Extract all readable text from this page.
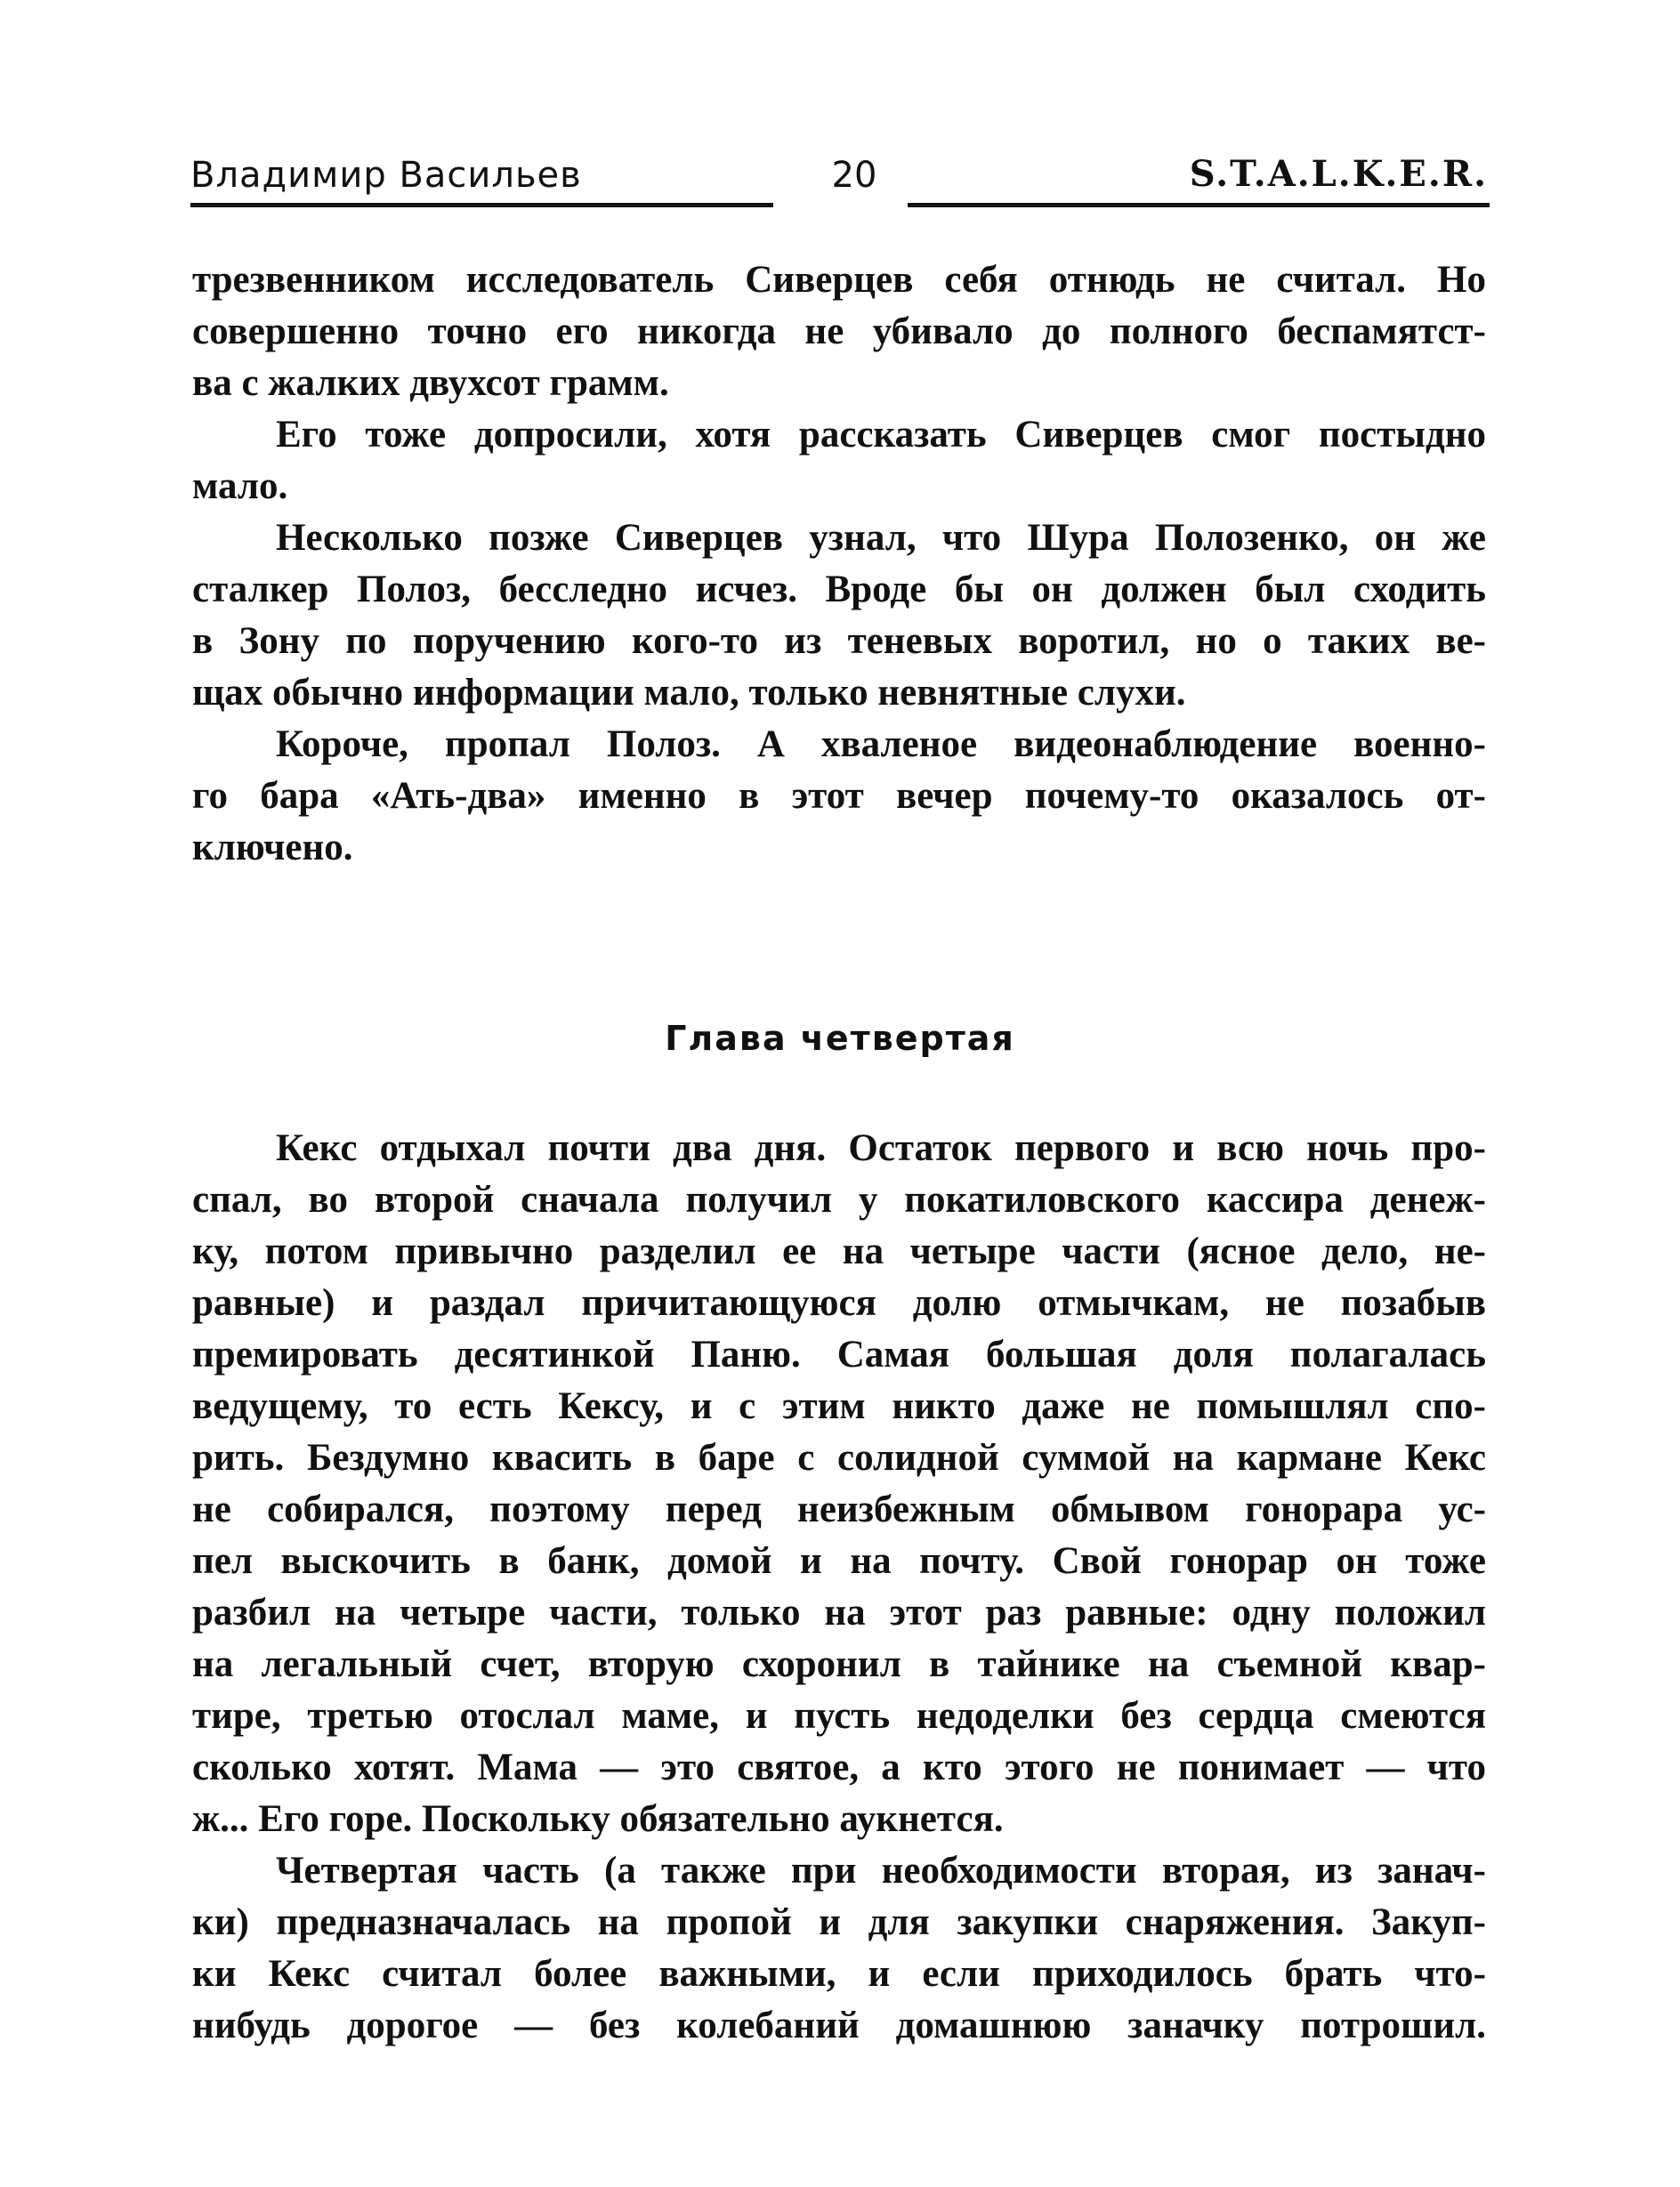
Владимир Васильев	20	S.T.A.L.K.E.R.
трезвенником исследователь Сиверцев себя отнюдь не считал. Но
совершенно точно его никогда не убивало до полного беспамятст-
ва с жалких двухсот грамм.
Его тоже допросили, хотя рассказать Сиверцев смог постыдно
мало.
Несколько позже Сиверцев узнал, что Шура Полозенко, он же
сталкер Полоз, бесследно исчез. Вроде бы он должен был сходить
в Зону по поручению кого-то из теневых воротил, но о таких ве-
щах обычно информации мало, только невнятные слухи.
Короче, пропал Полоз. А хваленое видеонаблюдение военно-
го бара «Ать-два» именно в этот вечер почему-то оказалось от-
ключено.
Глава четвертая
Кекс отдыхал почти два дня. Остаток первого и всю ночь про-
спал, во второй сначала получил у покатиловского кассира денеж-
ку, потом привычно разделил ее на четыре части (ясное дело, не-
равные) и раздал причитающуюся долю отмычкам, не позабыв
премировать десятинкой Паню. Самая большая доля полагалась
ведущему, то есть Кексу, и с этим никто даже не помышлял спо-
рить. Бездумно квасить в баре с солидной суммой на кармане Кекс
не собирался, поэтому перед неизбежным обмывом гонорара ус-
пел выскочить в банк, домой и на почту. Свой гонорар он тоже
разбил на четыре части, только на этот раз равные: одну положил
на легальный счет, вторую схоронил в тайнике на съемной квар-
тире, третью отослал маме, и пусть недоделки без сердца смеются
сколько хотят. Мама — это святое, а кто этого не понимает — что
ж... Его горе. Поскольку обязательно аукнется.
Четвертая часть (а также при необходимости вторая, из занач-
ки) предназначалась на пропой и для закупки снаряжения. Закуп-
ки Кекс считал более важными, и если приходилось брать что-
нибудь дорогое — без колебаний домашнюю заначку потрошил.
